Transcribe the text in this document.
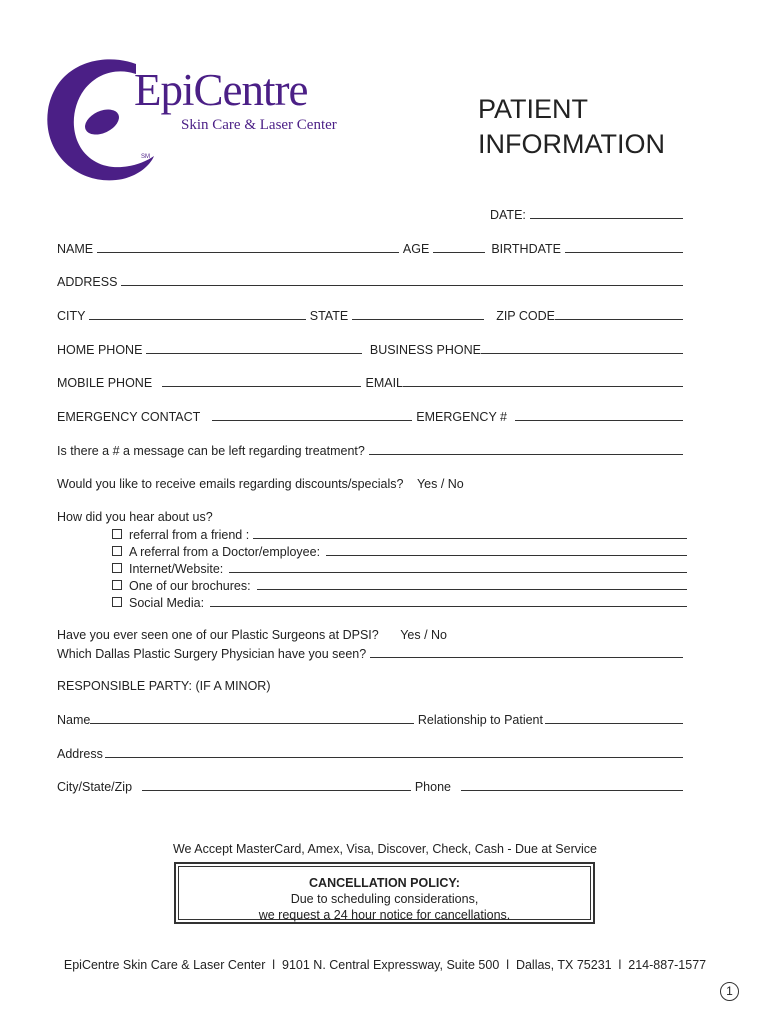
EpiCentre
Skin Care & Laser Center
SM
PATIENT
INFORMATION
DATE:
NAME	AGE	BIRTHDATE
ADDRESS
CITY	STATE	ZIP CODE
HOME PHONE	BUSINESS PHONE
MOBILE PHONE	EMAIL
EMERGENCY CONTACT	EMERGENCY #
Is there a # a message can be left regarding treatment?
Would you like to receive emails regarding discounts/specials? Yes / No
How did you hear about us?
referral from a friend :
A referral from a Doctor/employee:
Internet/Website:
One of our brochures:
Social Media:
Have you ever seen one of our Plastic Surgeons at DPSI? Yes / No
Which Dallas Plastic Surgery Physician have you seen?
RESPONSIBLE PARTY: (IF A MINOR)
Name	Relationship to Patient
Address
City/State/Zip	Phone
We Accept MasterCard, Amex, Visa, Discover, Check, Cash - Due at Service
CANCELLATION POLICY:
Due to scheduling considerations,
we request a 24 hour notice for cancellations.
EpiCentre Skin Care & Laser Center  l  9101 N. Central Expressway, Suite 500  l  Dallas, TX 75231  l  214-887-1577
1
